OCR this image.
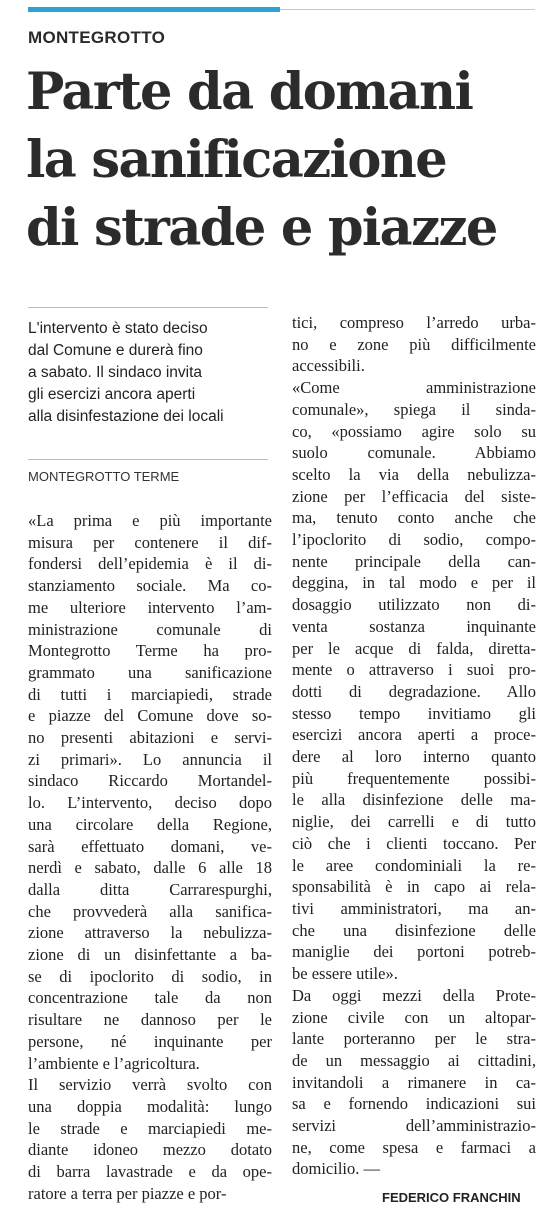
MONTEGROTTO
Parte da domani
la sanificazione
di strade e piazze
L'intervento è stato deciso
dal Comune e durerà fino
a sabato. Il sindaco invita
gli esercizi ancora aperti
alla disinfestazione dei locali
MONTEGROTTO TERME
«La prima e più importante
misura per contenere il dif-
fondersi dell’epidemia è il di-
stanziamento sociale. Ma co-
me ulteriore intervento l’am-
ministrazione comunale di
Montegrotto Terme ha pro-
grammato una sanificazione
di tutti i marciapiedi, strade
e piazze del Comune dove so-
no presenti abitazioni e servi-
zi primari». Lo annuncia il
sindaco Riccardo Mortandel-
lo. L’intervento, deciso dopo
una circolare della Regione,
sarà effettuato domani, ve-
nerdì e sabato, dalle 6 alle 18
dalla ditta Carrarespurghi,
che provvederà alla sanifica-
zione attraverso la nebulizza-
zione di un disinfettante a ba-
se di ipoclorito di sodio, in
concentrazione tale da non
risultare ne dannoso per le
persone, né inquinante per
l’ambiente e l’agricoltura.
Il servizio verrà svolto con
una doppia modalità: lungo
le strade e marciapiedi me-
diante idoneo mezzo dotato
di barra lavastrade e da ope-
ratore a terra per piazze e por-
tici, compreso l’arredo urba-
no e zone più difficilmente
accessibili.
«Come amministrazione
comunale», spiega il sinda-
co, «possiamo agire solo su
suolo comunale. Abbiamo
scelto la via della nebulizza-
zione per l’efficacia del siste-
ma, tenuto conto anche che
l’ipoclorito di sodio, compo-
nente principale della can-
deggina, in tal modo e per il
dosaggio utilizzato non di-
venta sostanza inquinante
per le acque di falda, diretta-
mente o attraverso i suoi pro-
dotti di degradazione. Allo
stesso tempo invitiamo gli
esercizi ancora aperti a proce-
dere al loro interno quanto
più frequentemente possibi-
le alla disinfezione delle ma-
niglie, dei carrelli e di tutto
ciò che i clienti toccano. Per
le aree condominiali la re-
sponsabilità è in capo ai rela-
tivi amministratori, ma an-
che una disinfezione delle
maniglie dei portoni potreb-
be essere utile».
Da oggi mezzi della Prote-
zione civile con un altopar-
lante porteranno per le stra-
de un messaggio ai cittadini,
invitandoli a rimanere in ca-
sa e fornendo indicazioni sui
servizi dell’amministrazio-
ne, come spesa e farmaci a
domicilio. —
FEDERICO FRANCHIN
